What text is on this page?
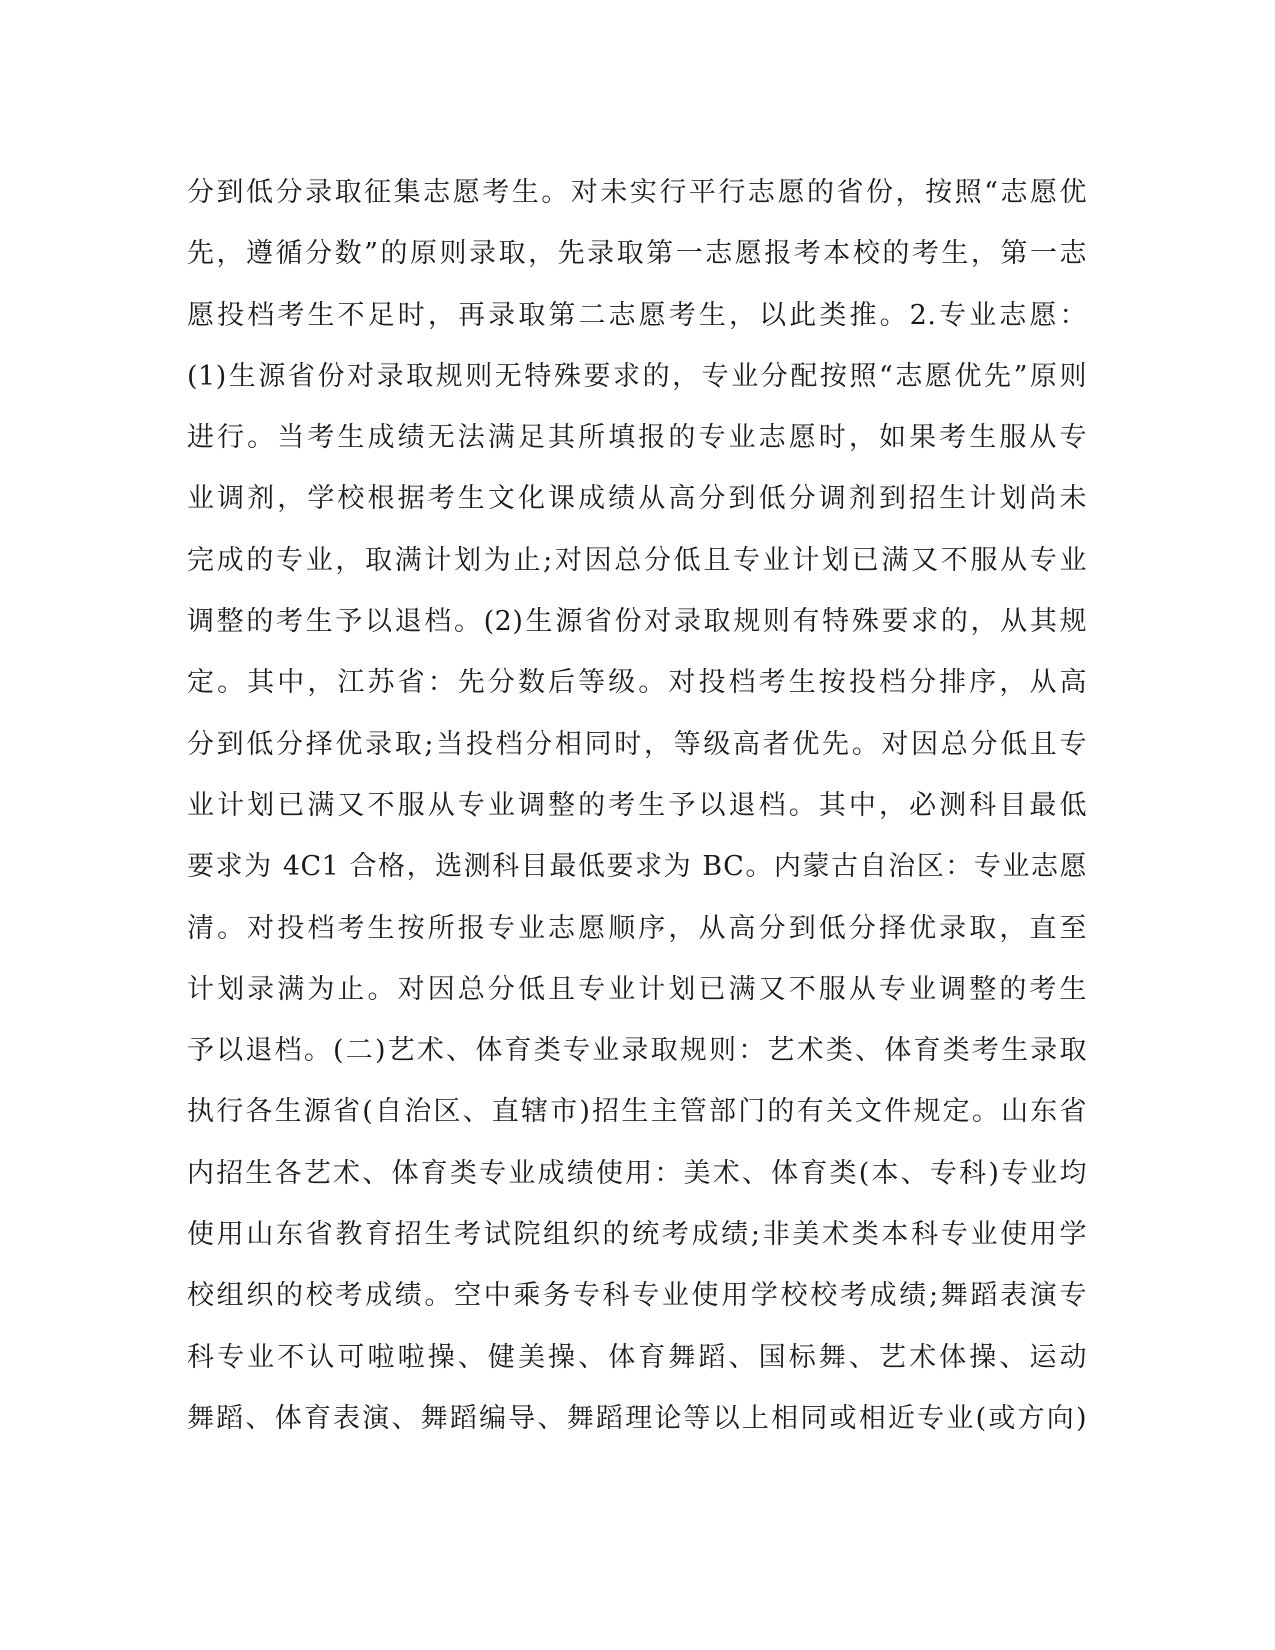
分到低分录取征集志愿考生。对未实行平行志愿的省份，按照“志愿优
先，遵循分数”的原则录取，先录取第一志愿报考本校的考生，第一志
愿投档考生不足时，再录取第二志愿考生，以此类推。2.专业志愿：
(1)生源省份对录取规则无特殊要求的，专业分配按照“志愿优先”原则
进行。当考生成绩无法满足其所填报的专业志愿时，如果考生服从专
业调剂，学校根据考生文化课成绩从高分到低分调剂到招生计划尚未
完成的专业，取满计划为止;对因总分低且专业计划已满又不服从专业
调整的考生予以退档。(2)生源省份对录取规则有特殊要求的，从其规
定。其中，江苏省：先分数后等级。对投档考生按投档分排序，从高
分到低分择优录取;当投档分相同时，等级高者优先。对因总分低且专
业计划已满又不服从专业调整的考生予以退档。其中，必测科目最低
要求为 4C1 合格，选测科目最低要求为 BC。内蒙古自治区：专业志愿
清。对投档考生按所报专业志愿顺序，从高分到低分择优录取，直至
计划录满为止。对因总分低且专业计划已满又不服从专业调整的考生
予以退档。(二)艺术、体育类专业录取规则：艺术类、体育类考生录取
执行各生源省(自治区、直辖市)招生主管部门的有关文件规定。山东省
内招生各艺术、体育类专业成绩使用：美术、体育类(本、专科)专业均
使用山东省教育招生考试院组织的统考成绩;非美术类本科专业使用学
校组织的校考成绩。空中乘务专科专业使用学校校考成绩;舞蹈表演专
科专业不认可啦啦操、健美操、体育舞蹈、国标舞、艺术体操、运动
舞蹈、体育表演、舞蹈编导、舞蹈理论等以上相同或相近专业(或方向)
